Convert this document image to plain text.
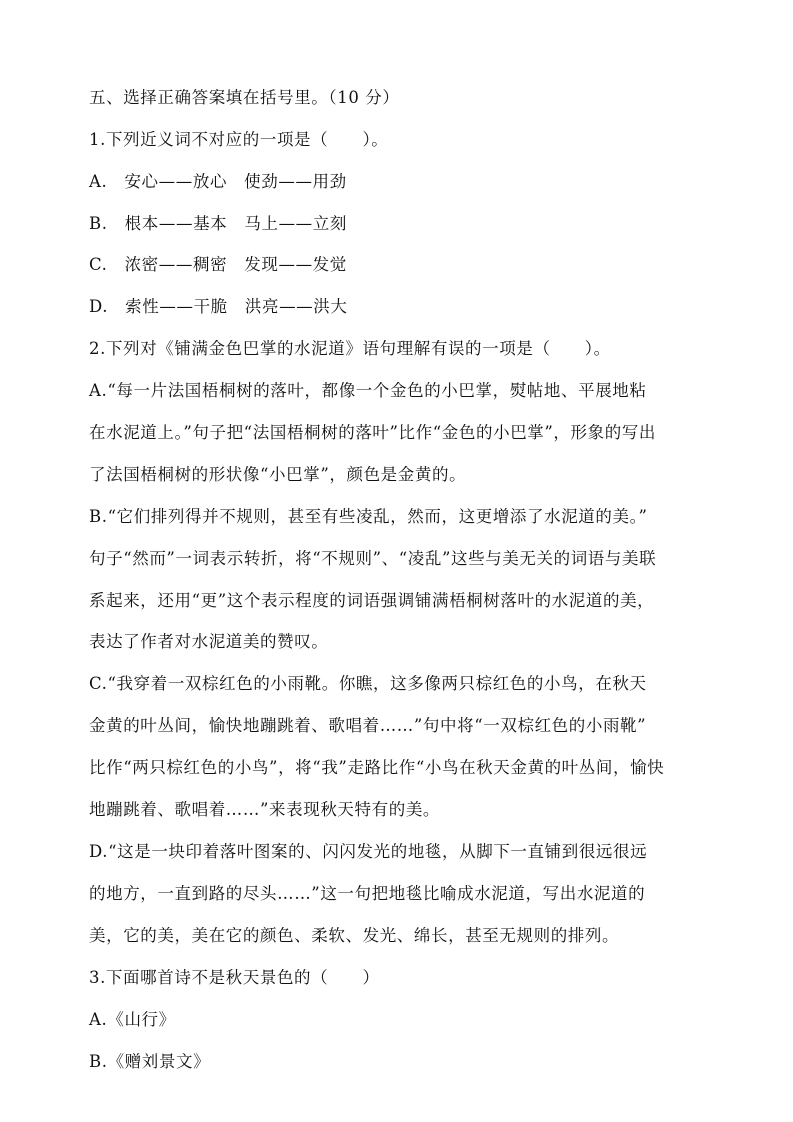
五、选择正确答案填在括号里。（10 分）
1.下列近义词不对应的一项是（　　）。
A.　安心——放心　使劲——用劲
B.　根本——基本　马上——立刻
C.　浓密——稠密　发现——发觉
D.　索性——干脆　洪亮——洪大
2.下列对《铺满金色巴掌的水泥道》语句理解有误的一项是（　　）。
A.“每一片法国梧桐树的落叶，都像一个金色的小巴掌，熨帖地、平展地粘
在水泥道上。”句子把“法国梧桐树的落叶”比作“金色的小巴掌”，形象的写出
了法国梧桐树的形状像“小巴掌”，颜色是金黄的。
B.“它们排列得并不规则，甚至有些凌乱，然而，这更增添了水泥道的美。”
句子“然而”一词表示转折，将“不规则”、“凌乱”这些与美无关的词语与美联
系起来，还用“更”这个表示程度的词语强调铺满梧桐树落叶的水泥道的美，
表达了作者对水泥道美的赞叹。
C.“我穿着一双棕红色的小雨靴。你瞧，这多像两只棕红色的小鸟，在秋天
金黄的叶丛间，愉快地蹦跳着、歌唱着……”句中将“一双棕红色的小雨靴”
比作“两只棕红色的小鸟”，将“我”走路比作“小鸟在秋天金黄的叶丛间，愉快
地蹦跳着、歌唱着……”来表现秋天特有的美。
D.“这是一块印着落叶图案的、闪闪发光的地毯，从脚下一直铺到很远很远
的地方，一直到路的尽头……”这一句把地毯比喻成水泥道，写出水泥道的
美，它的美，美在它的颜色、柔软、发光、绵长，甚至无规则的排列。
3.下面哪首诗不是秋天景色的（　　）
A.《山行》
B.《赠刘景文》
